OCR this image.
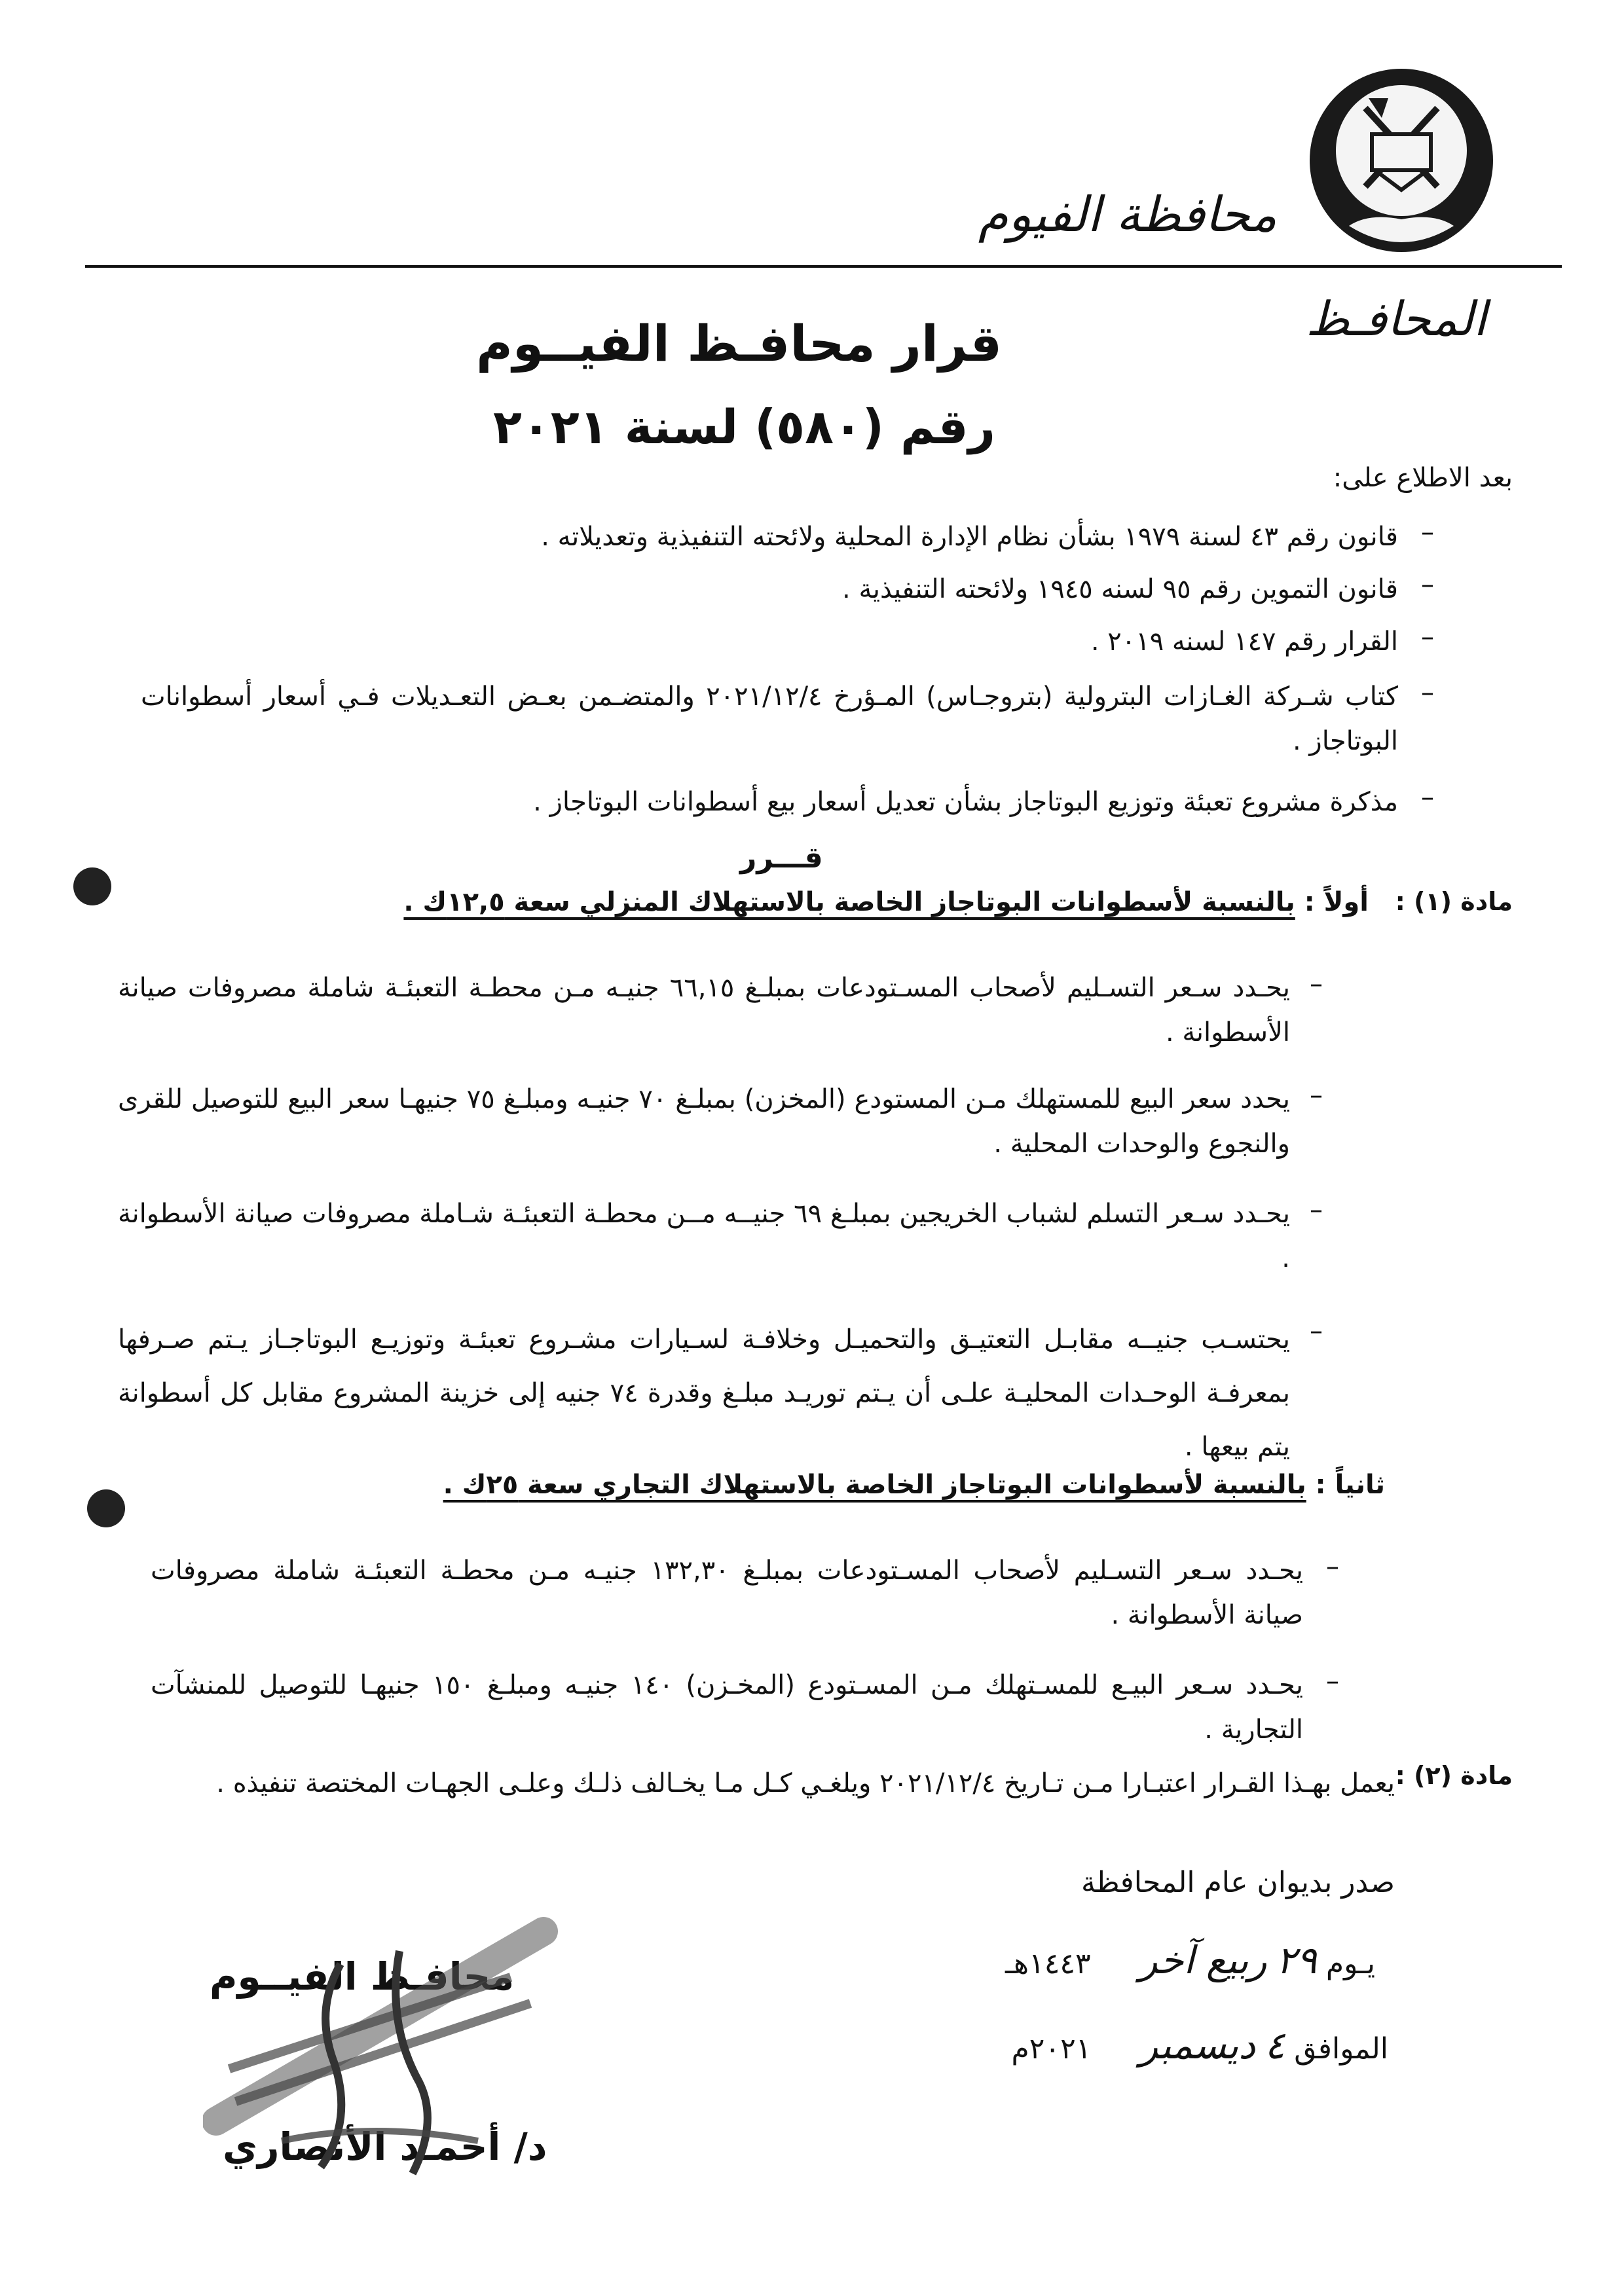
محافظة الفيوم
المحافـظ
قرار محافـظ الفيــوم
رقم (٥٨٠) لسنة ٢٠٢١
بعد الاطلاع على:
–
قانون رقم ٤٣ لسنة ١٩٧٩ بشأن نظام الإدارة المحلية ولائحته التنفيذية وتعديلاته .
–
قانون التموين رقم ٩٥ لسنه ١٩٤٥ ولائحته التنفيذية .
–
القرار رقم ١٤٧ لسنه ٢٠١٩ .
–
كتاب شـركة الغـازات البترولية (بتروجـاس) المـؤرخ ٢٠٢١/١٢/٤ والمتضـمن بعـض التعـديلات فـي أسعار أسطوانات البوتاجاز .
–
مذكرة مشروع تعبئة وتوزيع البوتاجاز بشأن تعديل أسعار بيع أسطوانات البوتاجاز .
قـــرر
مادة (١) :
أولاً : بالنسبة لأسطوانات البوتاجاز الخاصة بالاستهلاك المنزلي سعة ١٢,٥ك .
–
يحـدد سـعر التسـليم لأصحاب المسـتودعات بمبلـغ ٦٦,١٥ جنيـه مـن محطـة التعبئـة شاملة مصروفات صيانة الأسطوانة .
–
يحدد سعر البيع للمستهلك مـن المستودع (المخزن) بمبلـغ ٧٠ جنيـه ومبلـغ ٧٥ جنيهـا سعر البيع للتوصيل للقرى والنجوع والوحدات المحلية .
–
يحـدد سـعر التسلم لشباب الخريجين بمبلـغ ٦٩ جنيــه مــن محطـة التعبئـة شـاملة مصروفات صيانة الأسطوانة .
–
يحتسـب جنيــه مقابـل التعتيـق والتحميـل وخلافـة لسـيارات مشـروع تعبئـة وتوزيـع البوتاجـاز يـتم صـرفها بمعرفـة الوحـدات المحليـة علـى أن يـتم توريـد مبلـغ وقدرة ٧٤ جنيه إلى خزينة المشروع مقابل كل أسطوانة يتم بيعها .
ثانياً : بالنسبة لأسطوانات البوتاجاز الخاصة بالاستهلاك التجاري سعة ٢٥ك .
–
يحـدد سـعر التسـليم لأصحاب المسـتودعات بمبلـغ ١٣٢,٣٠ جنيـه مـن محطـة التعبئـة شاملة مصروفات صيانة الأسطوانة .
–
يحـدد سـعر البيـع للمسـتهلك مـن المسـتودع (المخـزن) ١٤٠ جنيـه ومبلـغ ١٥٠ جنيهـا للتوصيل للمنشآت التجارية .
مادة (٢) :
يعمل بهـذا القـرار اعتبـارا مـن تـاريخ ٢٠٢١/١٢/٤ ويلغـي كـل مـا يخـالف ذلـك وعلـى الجهـات المختصة تنفيذه .
صدر بديوان عام المحافظة
يـوم ٢٩ ربيع آخر ١٤٤٣هـ
الموافق ٤ ديسمبر ٢٠٢١م
محافـظ الفيــوم
د/ أحمـد الأنصاري
